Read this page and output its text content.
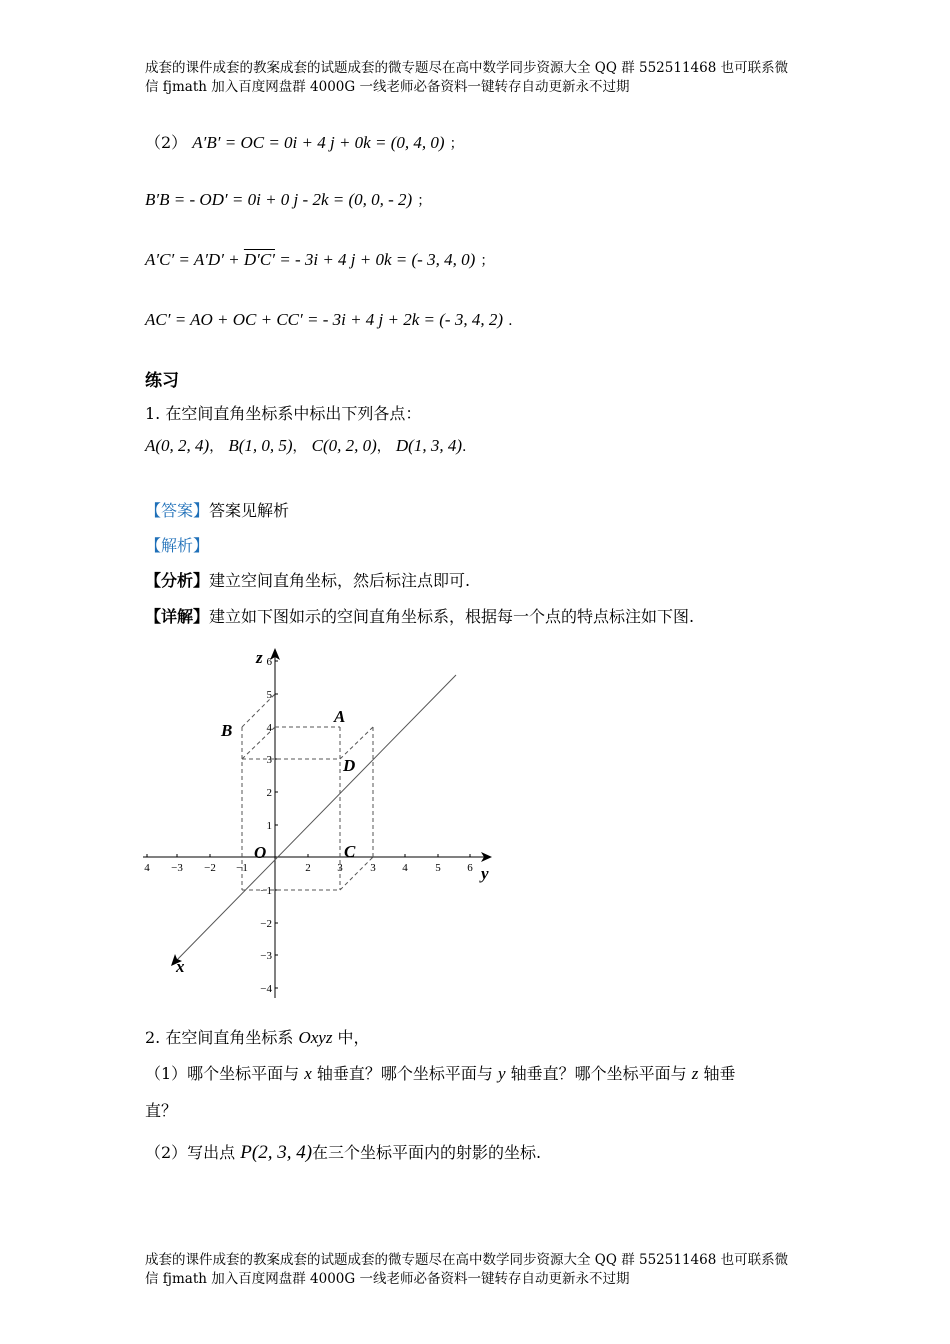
成套的课件成套的教案成套的试题成套的微专题尽在高中数学同步资源大全 QQ 群 552511468 也可联系微
信 fjmath 加入百度网盘群 4000G 一线老师必备资料一键转存自动更新永不过期
（2） A′B′ = OC = 0i + 4 j + 0k = (0, 4, 0) ；
B′B = - OD′ = 0i + 0 j - 2k = (0, 0, - 2) ；
A′C′ = A′D′ + D′C′ = - 3i + 4 j + 0k = (- 3, 4, 0) ；
AC′ = AO + OC + CC′ = - 3i + 4 j + 2k = (- 3, 4, 2) .
练习
1. 在空间直角坐标系中标出下列各点：
A(0, 2, 4)， B(1, 0, 5)， C(0, 2, 0)， D(1, 3, 4).
【答案】答案见解析
【解析】
【分析】建立空间直角坐标，然后标注点即可.
【详解】建立如下图如示的空间直角坐标系，根据每一个点的特点标注如下图.
4 −3 −2 −1	3 4	5 6
2 3
6
5
4
3
2
1
−1
−2
−3
−4
z
y
x
O
A
B
C
D
2. 在空间直角坐标系 Oxyz 中，
（1）哪个坐标平面与 x 轴垂直？哪个坐标平面与 y 轴垂直？哪个坐标平面与 z 轴垂
直？
（2）写出点 P(2, 3, 4)在三个坐标平面内的射影的坐标.
成套的课件成套的教案成套的试题成套的微专题尽在高中数学同步资源大全 QQ 群 552511468 也可联系微
信 fjmath 加入百度网盘群 4000G 一线老师必备资料一键转存自动更新永不过期
